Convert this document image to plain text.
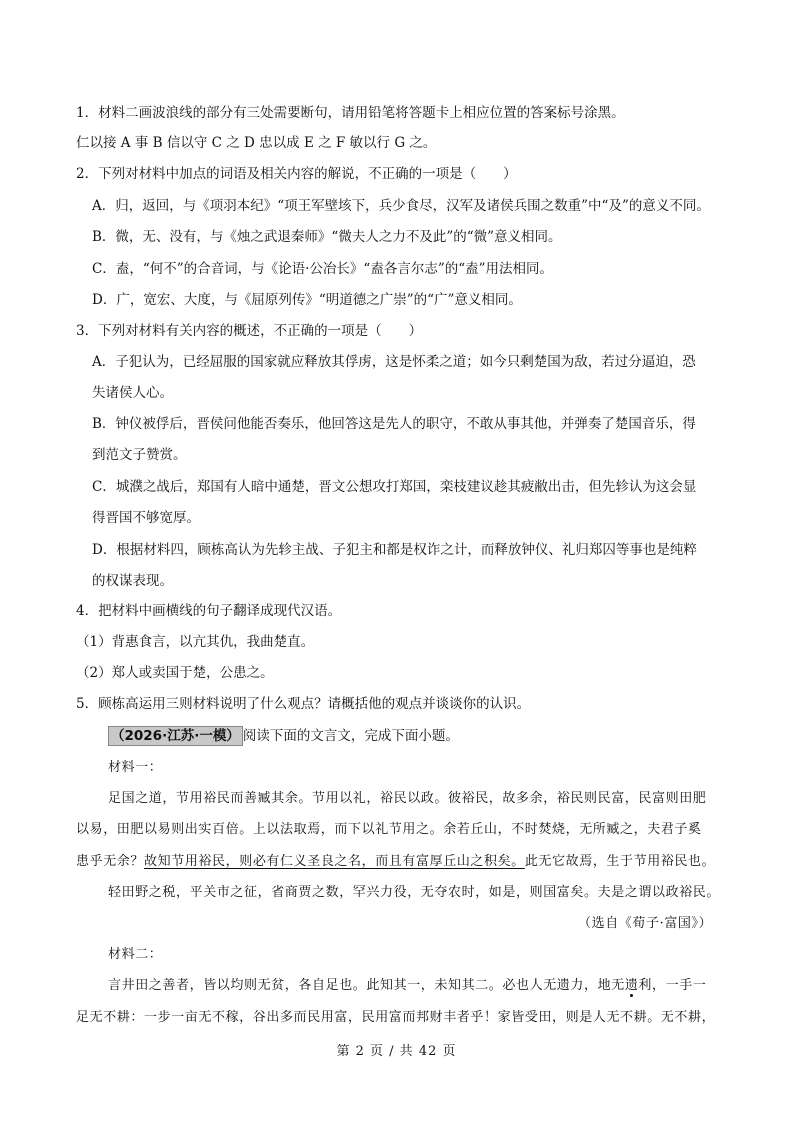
1．材料二画波浪线的部分有三处需要断句，请用铅笔将答题卡上相应位置的答案标号涂黑。
仁以接 A 事 B 信以守 C 之 D 忠以成 E 之 F 敏以行 G 之。
2．下列对材料中加点的词语及相关内容的解说，不正确的一项是（　　）
A．归，返回，与《项羽本纪》“项王军壁垓下，兵少食尽，汉军及诸侯兵围之数重”中“及”的意义不同。
B．微，无、没有，与《烛之武退秦师》“微夫人之力不及此”的“微”意义相同。
C．盍，“何不”的合音词，与《论语·公冶长》“盍各言尔志”的“盍”用法相同。
D．广，宽宏、大度，与《屈原列传》“明道德之广崇”的“广”意义相同。
3．下列对材料有关内容的概述，不正确的一项是（　　）
A．子犯认为，已经屈服的国家就应释放其俘虏，这是怀柔之道；如今只剩楚国为敌，若过分逼迫，恐
失诸侯人心。
B．钟仪被俘后，晋侯问他能否奏乐，他回答这是先人的职守，不敢从事其他，并弹奏了楚国音乐，得
到范文子赞赏。
C．城濮之战后，郑国有人暗中通楚，晋文公想攻打郑国，栾枝建议趁其疲敝出击，但先轸认为这会显
得晋国不够宽厚。
D．根据材料四，顾栋高认为先轸主战、子犯主和都是权诈之计，而释放钟仪、礼归郑囚等事也是纯粹
的权谋表现。
4．把材料中画横线的句子翻译成现代汉语。
（1）背惠食言，以亢其仇，我曲楚直。
（2）郑人或卖国于楚，公患之。
5．顾栋高运用三则材料说明了什么观点？请概括他的观点并谈谈你的认识。
（2026·江苏·一模） 阅读下面的文言文，完成下面小题。
材料一：
足国之道，节用裕民而善臧其余。节用以礼，裕民以政。彼裕民，故多余，裕民则民富，民富则田肥
以易，田肥以易则出实百倍。上以法取焉，而下以礼节用之。余若丘山，不时焚烧，无所臧之，夫君子奚
患乎无余？故知节用裕民，则必有仁义圣良之名，而且有富厚丘山之积矣。此无它故焉，生于节用裕民也。
轻田野之税，平关市之征，省商贾之数，罕兴力役，无夺农时，如是，则国富矣。夫是之谓以政裕民。
（选自《荀子·富国》）
材料二：
言井田之善者，皆以均则无贫，各自足也。此知其一，未知其二。必也人无遗力，地无遗利，一手一
足无不耕：一步一亩无不稼，谷出多而民用富，民用富而邦财丰者乎！家皆受田，则是人无不耕。无不耕，
第 2 页 / 共 42 页
